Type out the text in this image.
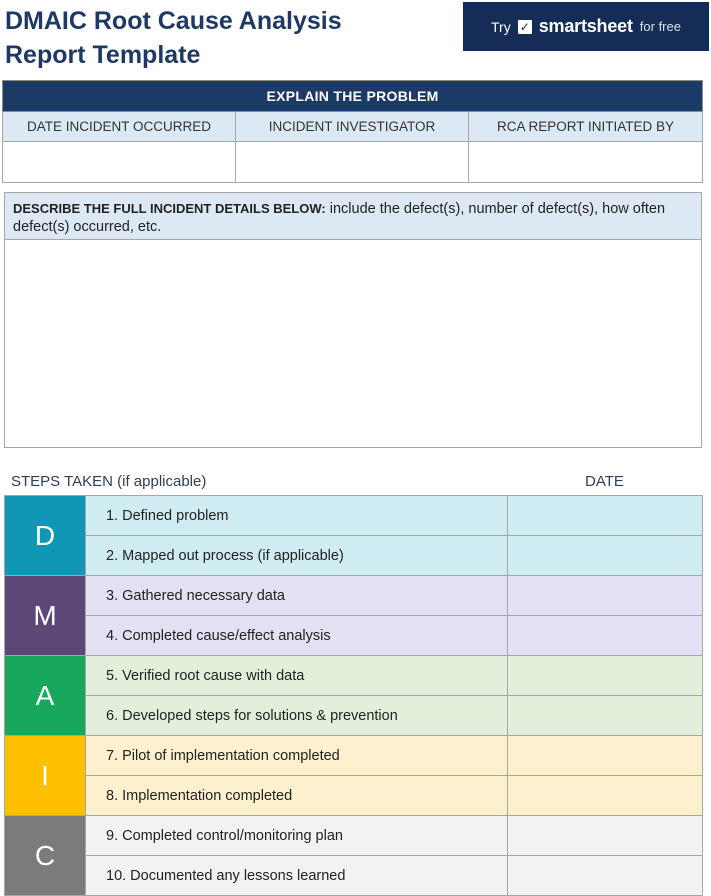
DMAIC Root Cause Analysis
Report Template
Try ✓ smartsheet for free
EXPLAIN THE PROBLEM		
DATE INCIDENT OCCURRED	INCIDENT INVESTIGATOR	RCA REPORT INITIATED BY

DESCRIBE THE FULL INCIDENT DETAILS BELOW: include the defect(s), number of defect(s), how often defect(s) occurred, etc.
STEPS TAKEN (if applicable)	DATE
D	1. Defined problem	
	2. Mapped out process (if applicable)	
M	3. Gathered necessary data	
	4. Completed cause/effect analysis	
A	5. Verified root cause with data	
	6. Developed steps for solutions & prevention	
I	7. Pilot of implementation completed	
	8. Implementation completed	
C	9. Completed control/monitoring plan	
	10. Documented any lessons learned	
